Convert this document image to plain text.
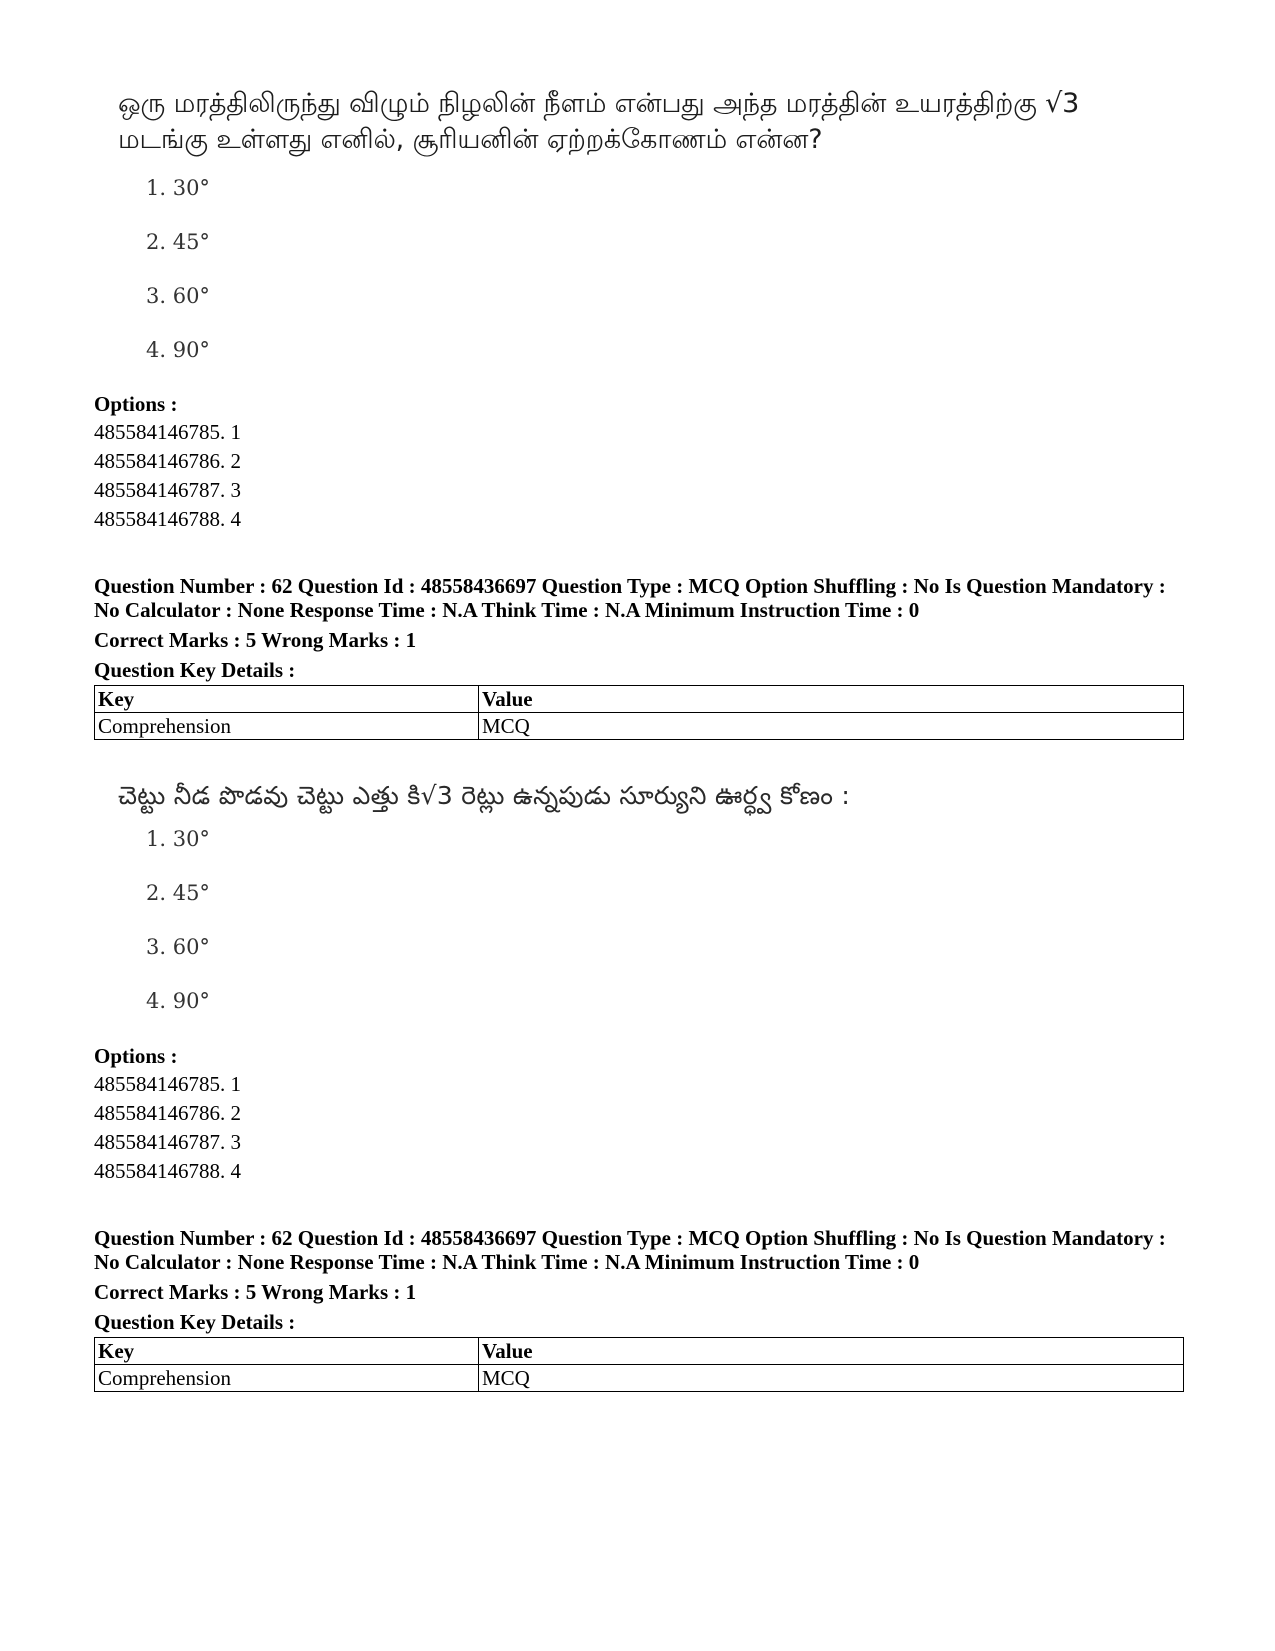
ஒரு மரத்திலிருந்து விழும் நிழலின் நீளம் என்பது அந்த மரத்தின் உயரத்திற்கு √3 மடங்கு உள்ளது எனில், சூரியனின் ஏற்றக்கோணம் என்ன?
1. 30°
2. 45°
3. 60°
4. 90°
Options :
485584146785. 1
485584146786. 2
485584146787. 3
485584146788. 4
Question Number : 62 Question Id : 48558436697 Question Type : MCQ Option Shuffling : No Is Question Mandatory :
No Calculator : None Response Time : N.A Think Time : N.A Minimum Instruction Time : 0
Correct Marks : 5 Wrong Marks : 1
Question Key Details :
Key	Value
Comprehension	MCQ
చెట్టు నీడ పొడవు చెట్టు ఎత్తు కి√3 రెట్లు ఉన్నపుడు సూర్యుని ఊర్ధ్వ కోణం :
1. 30°
2. 45°
3. 60°
4. 90°
Options :
485584146785. 1
485584146786. 2
485584146787. 3
485584146788. 4
Question Number : 62 Question Id : 48558436697 Question Type : MCQ Option Shuffling : No Is Question Mandatory :
No Calculator : None Response Time : N.A Think Time : N.A Minimum Instruction Time : 0
Correct Marks : 5 Wrong Marks : 1
Question Key Details :
Key	Value
Comprehension	MCQ
